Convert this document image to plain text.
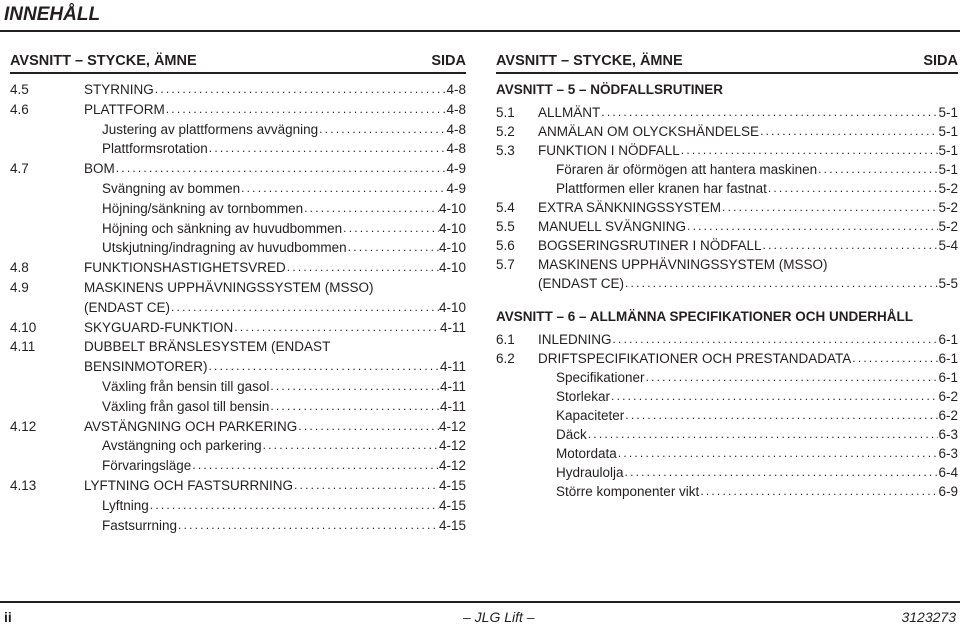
INNEHÅLL
AVSNITT – STYCKE, ÄMNE	SIDA
4.5	STYRNING .....	4-8
4.6	PLATTFORM .....	4-8
Justering av plattformens avvägning .....	4-8
Plattformsrotation .....	4-8
4.7	BOM .....	4-9
Svängning av bommen .....	4-9
Höjning/sänkning av tornbommen .....	4-10
Höjning och sänkning av huvudbommen .....	4-10
Utskjutning/indragning av huvudbommen .....	4-10
4.8	FUNKTIONSHASTIGHETSVRED .....	4-10
4.9	MASKINENS UPPHÄVNINGSSYSTEM (MSSO)
(ENDAST CE) .....	4-10
4.10	SKYGUARD-FUNKTION .....	4-11
4.11	DUBBELT BRÄNSLESYSTEM (ENDAST
BENSINMOTORER) .....	4-11
Växling från bensin till gasol .....	4-11
Växling från gasol till bensin .....	4-11
4.12	AVSTÄNGNING OCH PARKERING .....	4-12
Avstängning och parkering .....	4-12
Förvaringsläge .....	4-12
4.13	LYFTNING OCH FASTSURRNING .....	4-15
Lyftning .....	4-15
Fastsurrning .....	4-15
AVSNITT – STYCKE, ÄMNE	SIDA
AVSNITT – 5 – NÖDFALLSRUTINER
5.1	ALLMÄNT .....	5-1
5.2	ANMÄLAN OM OLYCKSHÄNDELSE .....	5-1
5.3	FUNKTION I NÖDFALL .....	5-1
Föraren är oförmögen att hantera maskinen .....	5-1
Plattformen eller kranen har fastnat .....	5-2
5.4	EXTRA SÄNKNINGSSYSTEM .....	5-2
5.5	MANUELL SVÄNGNING .....	5-2
5.6	BOGSERINGSRUTINER I NÖDFALL .....	5-4
5.7 MASKINENS UPPHÄVNINGSSYSTEM (MSSO)
(ENDAST CE) .....	5-5
AVSNITT – 6 – ALLMÄNNA SPECIFIKATIONER OCH UNDERHÅLL
6.1	INLEDNING .....	6-1
6.2	DRIFTSPECIFIKATIONER OCH PRESTANDADATA .....	6-1
Specifikationer .....	6-1
Storlekar .....	6-2
Kapaciteter .....	6-2
Däck .....	6-3
Motordata .....	6-3
Hydraulolja .....	6-4
Större komponenter vikt .....	6-9
ii	– JLG Lift –	3123273
